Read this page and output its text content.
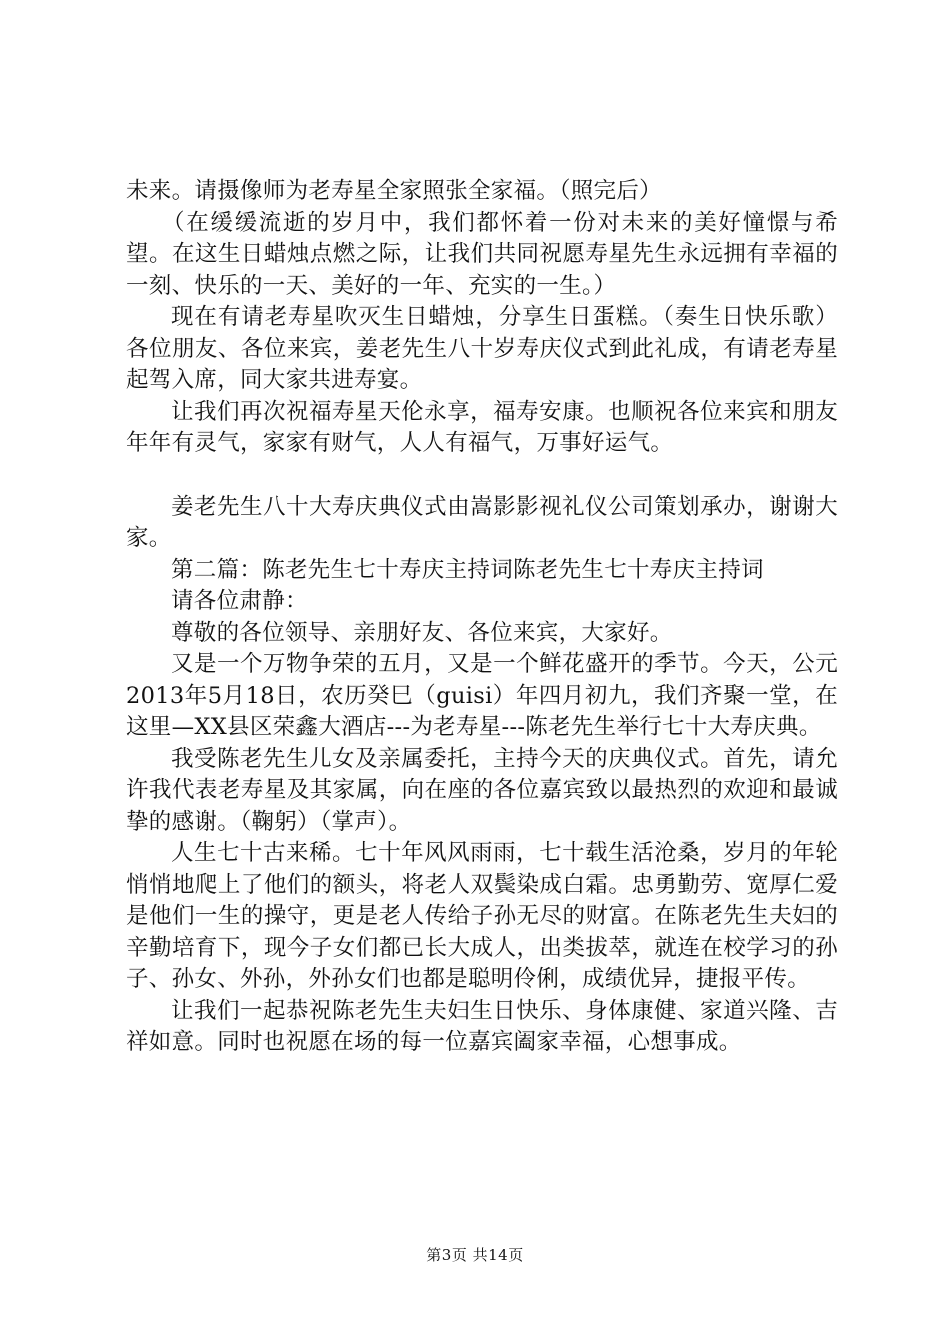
未来。请摄像师为老寿星全家照张全家福。（照完后）

（在缓缓流逝的岁月中，我们都怀着一份对未来的美好憧憬与希望。在这生日蜡烛点燃之际，让我们共同祝愿寿星先生永远拥有幸福的一刻、快乐的一天、美好的一年、充实的一生。）

现在有请老寿星吹灭生日蜡烛，分享生日蛋糕。（奏生日快乐歌）各位朋友、各位来宾，姜老先生八十岁寿庆仪式到此礼成，有请老寿星起驾入席，同大家共进寿宴。

让我们再次祝福寿星天伦永享，福寿安康。也顺祝各位来宾和朋友年年有灵气，家家有财气，人人有福气，万事好运气。

姜老先生八十大寿庆典仪式由嵩影影视礼仪公司策划承办，谢谢大家。

第二篇：陈老先生七十寿庆主持词陈老先生七十寿庆主持词

请各位肃静：

尊敬的各位领导、亲朋好友、各位来宾，大家好。

又是一个万物争荣的五月，又是一个鲜花盛开的季节。今天，公元2013年5月18日，农历癸巳（guisi）年四月初九，我们齐聚一堂，在这里—XX县区荣鑫大酒店---为老寿星---陈老先生举行七十大寿庆典。

我受陈老先生儿女及亲属委托，主持今天的庆典仪式。首先，请允许我代表老寿星及其家属，向在座的各位嘉宾致以最热烈的欢迎和最诚挚的感谢。（鞠躬）（掌声）。

人生七十古来稀。七十年风风雨雨，七十载生活沧桑，岁月的年轮悄悄地爬上了他们的额头，将老人双鬓染成白霜。忠勇勤劳、宽厚仁爱是他们一生的操守，更是老人传给子孙无尽的财富。在陈老先生夫妇的辛勤培育下，现今子女们都已长大成人，出类拔萃，就连在校学习的孙子、孙女、外孙，外孙女们也都是聪明伶俐，成绩优异，捷报平传。

让我们一起恭祝陈老先生夫妇生日快乐、身体康健、家道兴隆、吉祥如意。同时也祝愿在场的每一位嘉宾阖家幸福，心想事成。

第3页 共14页
